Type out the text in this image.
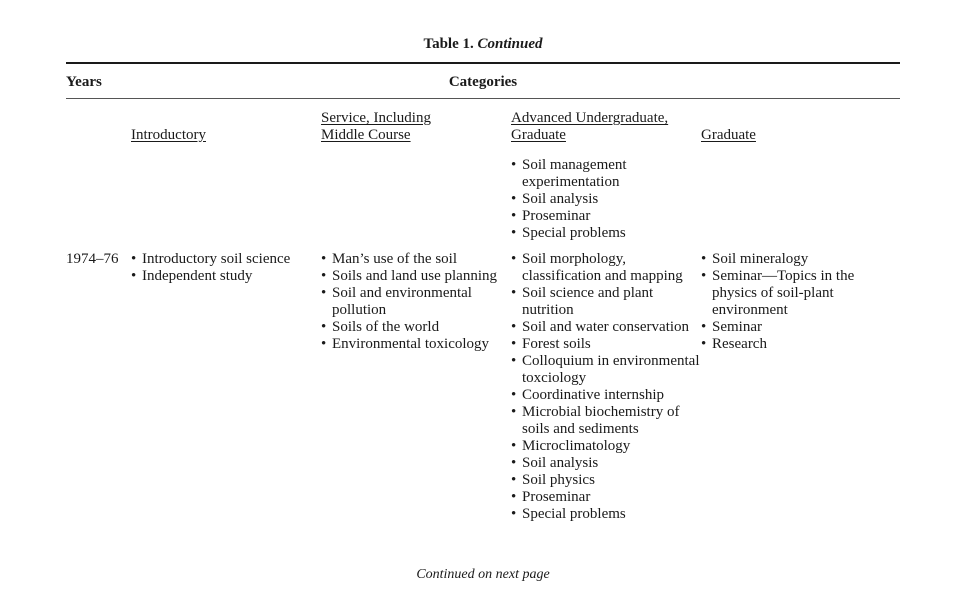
Table 1. Continued
Years	Categories
Introductory
Service, Including
Middle Course
Advanced Undergraduate,
Graduate	Graduate
• Soil management experimentation
• Soil analysis
• Proseminar
• Special problems
1974–76
•	Introductory soil science
• Independent study
• Man’s use of the soil
• Soils and land use planning
• Soil and environmental pollution
• Soils of the world
• Environmental toxicology
• Soil morphology, classification and mapping
• Soil science and plant nutrition
• Soil and water conservation
• Forest soils
• Colloquium in environmental toxciology
• Coordinative internship
• Microbial biochemistry of soils and sediments
• Microclimatology
• Soil analysis
• Soil physics
• Proseminar
• Special problems
• Soil mineralogy
• Seminar—Topics in the physics of soil-plant environment
• Seminar
• Research
Continued on next page
